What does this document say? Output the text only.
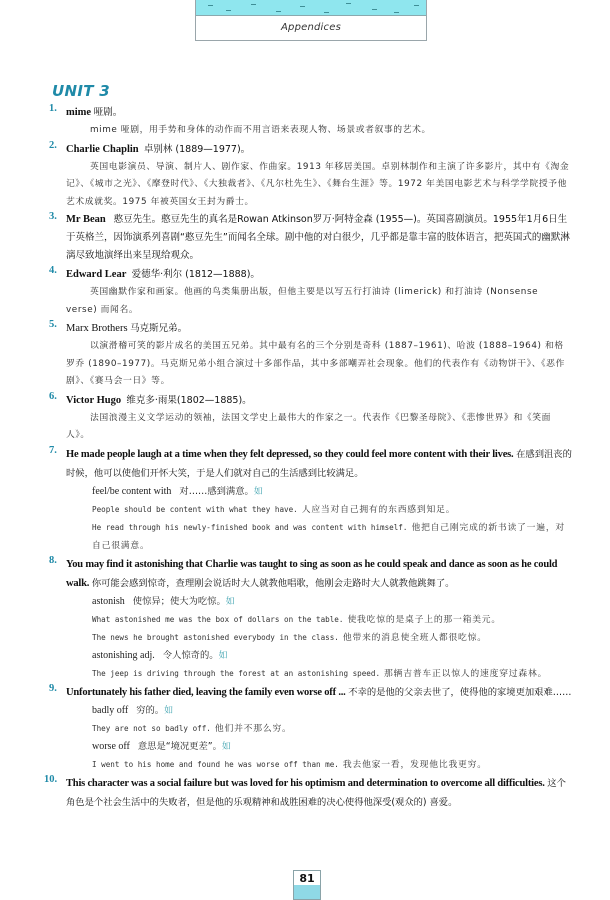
Appendices
UNIT 3
1. mime 哑剧。
mime 哑剧，用手势和身体的动作而不用言语来表现人物、场景或者叙事的艺术。
2. Charlie Chaplin 卓别林 (1889—1977)。
英国电影演员、导演、制片人、剧作家、作曲家。1913 年移居美国。卓别林制作和主演了许多影片，其中有《淘金记》、《城市之光》、《摩登时代》、《大独裁者》、《凡尔杜先生》、《舞台生涯》等。1972 年美国电影艺术与科学学院授予他艺术成就奖。1975 年被英国女王封为爵士。
3. Mr Bean 憨豆先生。憨豆先生的真名是Rowan Atkinson罗万·阿特金森 (1955—)。英国喜剧演员。1955年1月6日生于英格兰，因饰演系列喜剧“憨豆先生”而闻名全球。剧中他的对白很少，几乎都是靠丰富的肢体语言，把英国式的幽默淋漓尽致地演绎出来呈现给观众。
4. Edward Lear 爱德华·利尔 (1812—1888)。
英国幽默作家和画家。他画的鸟类集册出版，但他主要是以写五行打油诗 (limerick) 和打油诗 (Nonsense verse) 而闻名。
5. Marx Brothers 马克斯兄弟。
以演滑稽可笑的影片成名的美国五兄弟。其中最有名的三个分别是奇科 (1887–1961)、哈波 (1888–1964) 和格罗乔 (1890–1977)。马克斯兄弟小组合演过十多部作品，其中多部嘲弄社会现象。他们的代表作有《动物饼干》、《恶作剧》、《赛马会一日》等。
6. Victor Hugo 维克多·雨果(1802—1885)。
法国浪漫主义文学运动的领袖，法国文学史上最伟大的作家之一。代表作《巴黎圣母院》、《悲惨世界》和《笑面人》。
7. He made people laugh at a time when they felt depressed, so they could feel more content with their lives. 在感到沮丧的时候，他可以使他们开怀大笑，于是人们就对自己的生活感到比较满足。
feel/be content with 对……感到满意。如
People should be content with what they have. 人应当对自己拥有的东西感到知足。
He read through his newly-finished book and was content with himself. 他把自己刚完成的新书读了一遍，对自己很满意。
8. You may find it astonishing that Charlie was taught to sing as soon as he could speak and dance as soon as he could walk. 你可能会感到惊奇，查理刚会说话时大人就教他唱歌，他刚会走路时大人就教他跳舞了。
astonish 使惊异；使大为吃惊。如
What astonished me was the box of dollars on the table. 使我吃惊的是桌子上的那一箱美元。
The news he brought astonished everybody in the class. 他带来的消息使全班人都很吃惊。
astonishing adj. 令人惊奇的。如
The jeep is driving through the forest at an astonishing speed. 那辆吉普车正以惊人的速度穿过森林。
9. Unfortunately his father died, leaving the family even worse off ... 不幸的是他的父亲去世了，使得他的家境更加艰难……
badly off 穷的。如
They are not so badly off. 他们并不那么穷。
worse off 意思是“境况更差”。如
I went to his home and found he was worse off than me. 我去他家一看，发现他比我更穷。
10. This character was a social failure but was loved for his optimism and determination to overcome all difficulties. 这个角色是个社会生活中的失败者，但是他的乐观精神和战胜困难的决心使得他深受(观众的) 喜爱。
81
